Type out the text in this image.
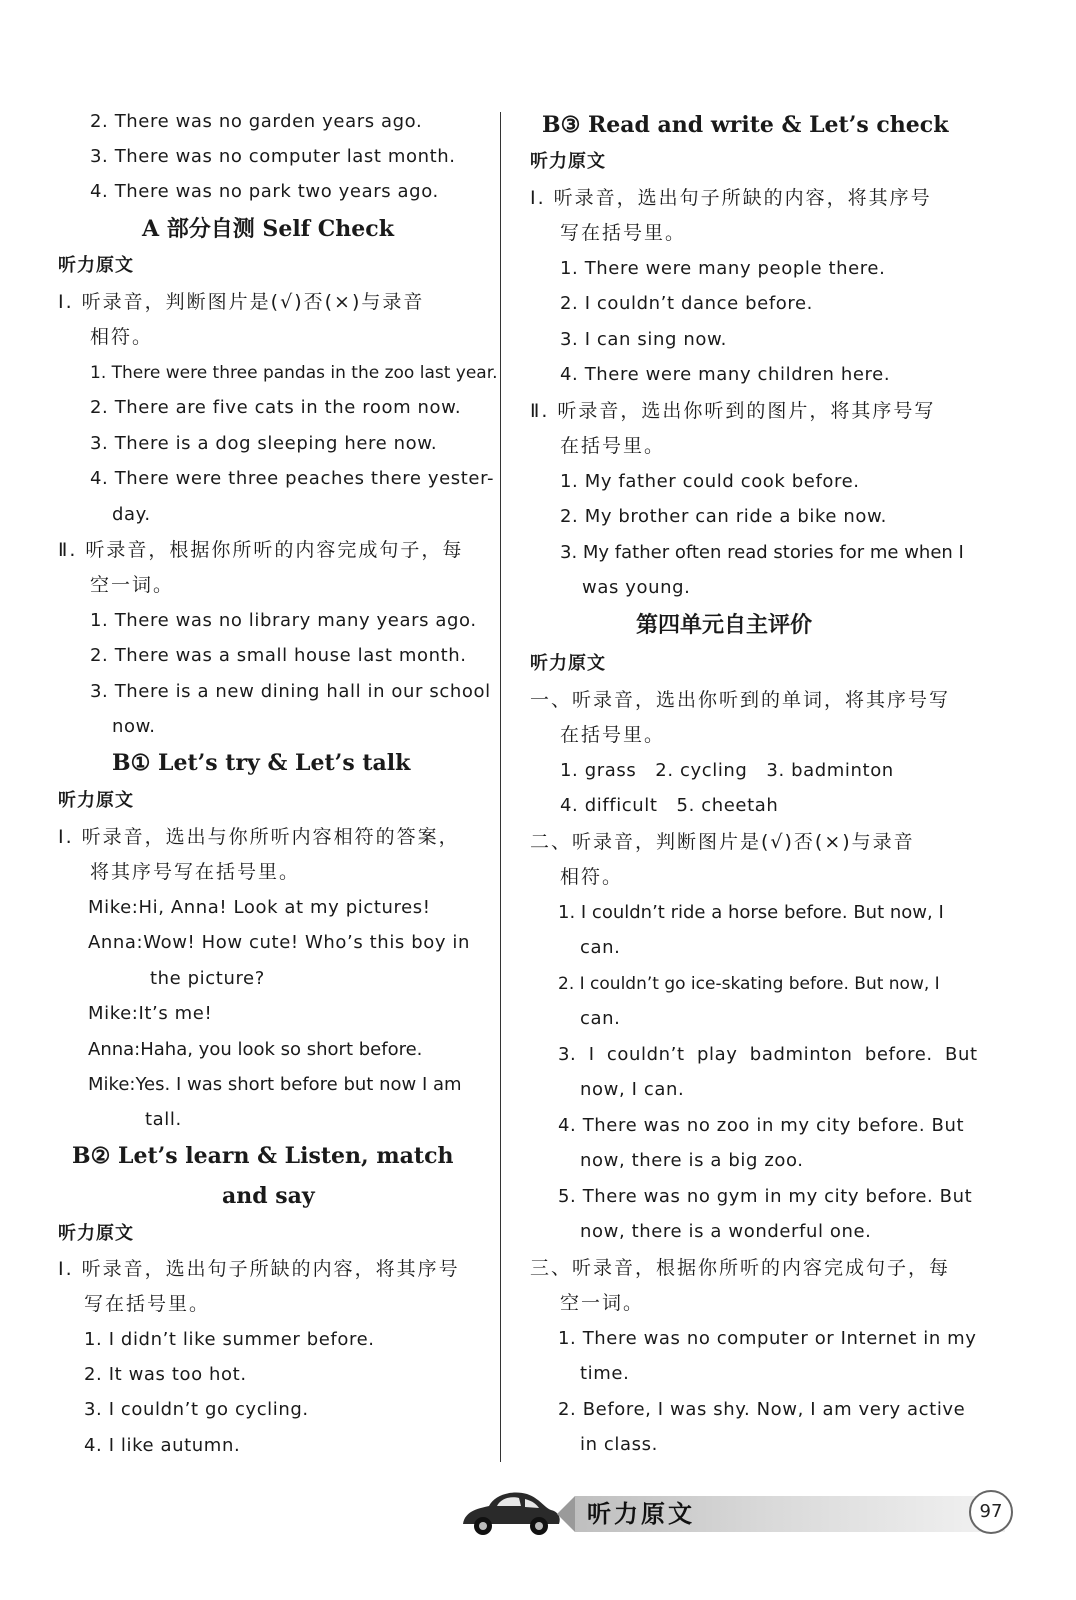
2. There was no garden years ago.
3. There was no computer last month.
4. There was no park two years ago.
A 部分自测 Self Check
听力原文
Ⅰ. 听录音，判断图片是(√)否(×)与录音
相符。
1. There were three pandas in the zoo last year.
2. There are five cats in the room now.
3. There is a dog sleeping here now.
4. There were three peaches there yester-
day.
Ⅱ. 听录音，根据你所听的内容完成句子，每
空一词。
1. There was no library many years ago.
2. There was a small house last month.
3. There is a new dining hall in our school
now.
B① Let’s try & Let’s talk
听力原文
Ⅰ. 听录音，选出与你所听内容相符的答案，
将其序号写在括号里。
Mike:Hi, Anna! Look at my pictures!
Anna:Wow! How cute! Who’s this boy in
the picture?
Mike:It’s me!
Anna:Haha, you look so short before.
Mike:Yes. I was short before but now I am
tall.
B② Let’s learn & Listen, match
and say
听力原文
Ⅰ. 听录音，选出句子所缺的内容，将其序号
写在括号里。
1. I didn’t like summer before.
2. It was too hot.
3. I couldn’t go cycling.
4. I like autumn.
B③ Read and write & Let’s check
听力原文
Ⅰ. 听录音，选出句子所缺的内容，将其序号
写在括号里。
1. There were many people there.
2. I couldn’t dance before.
3. I can sing now.
4. There were many children here.
Ⅱ. 听录音，选出你听到的图片，将其序号写
在括号里。
1. My father could cook before.
2. My brother can ride a bike now.
3. My father often read stories for me when I
was young.
第四单元自主评价
听力原文
一、听录音，选出你听到的单词，将其序号写
在括号里。
1. grass   2. cycling   3. badminton
4. difficult   5. cheetah
二、听录音，判断图片是(√)否(×)与录音
相符。
1. I couldn’t ride a horse before. But now, I
can.
2. I couldn’t go ice-skating before. But now, I
can.
3. I couldn’t play badminton before. But
now, I can.
4. There was no zoo in my city before. But
now, there is a big zoo.
5. There was no gym in my city before. But
now, there is a wonderful one.
三、听录音，根据你所听的内容完成句子，每
空一词。
1. There was no computer or Internet in my
time.
2. Before, I was shy. Now, I am very active
in class.
听力原文	97
